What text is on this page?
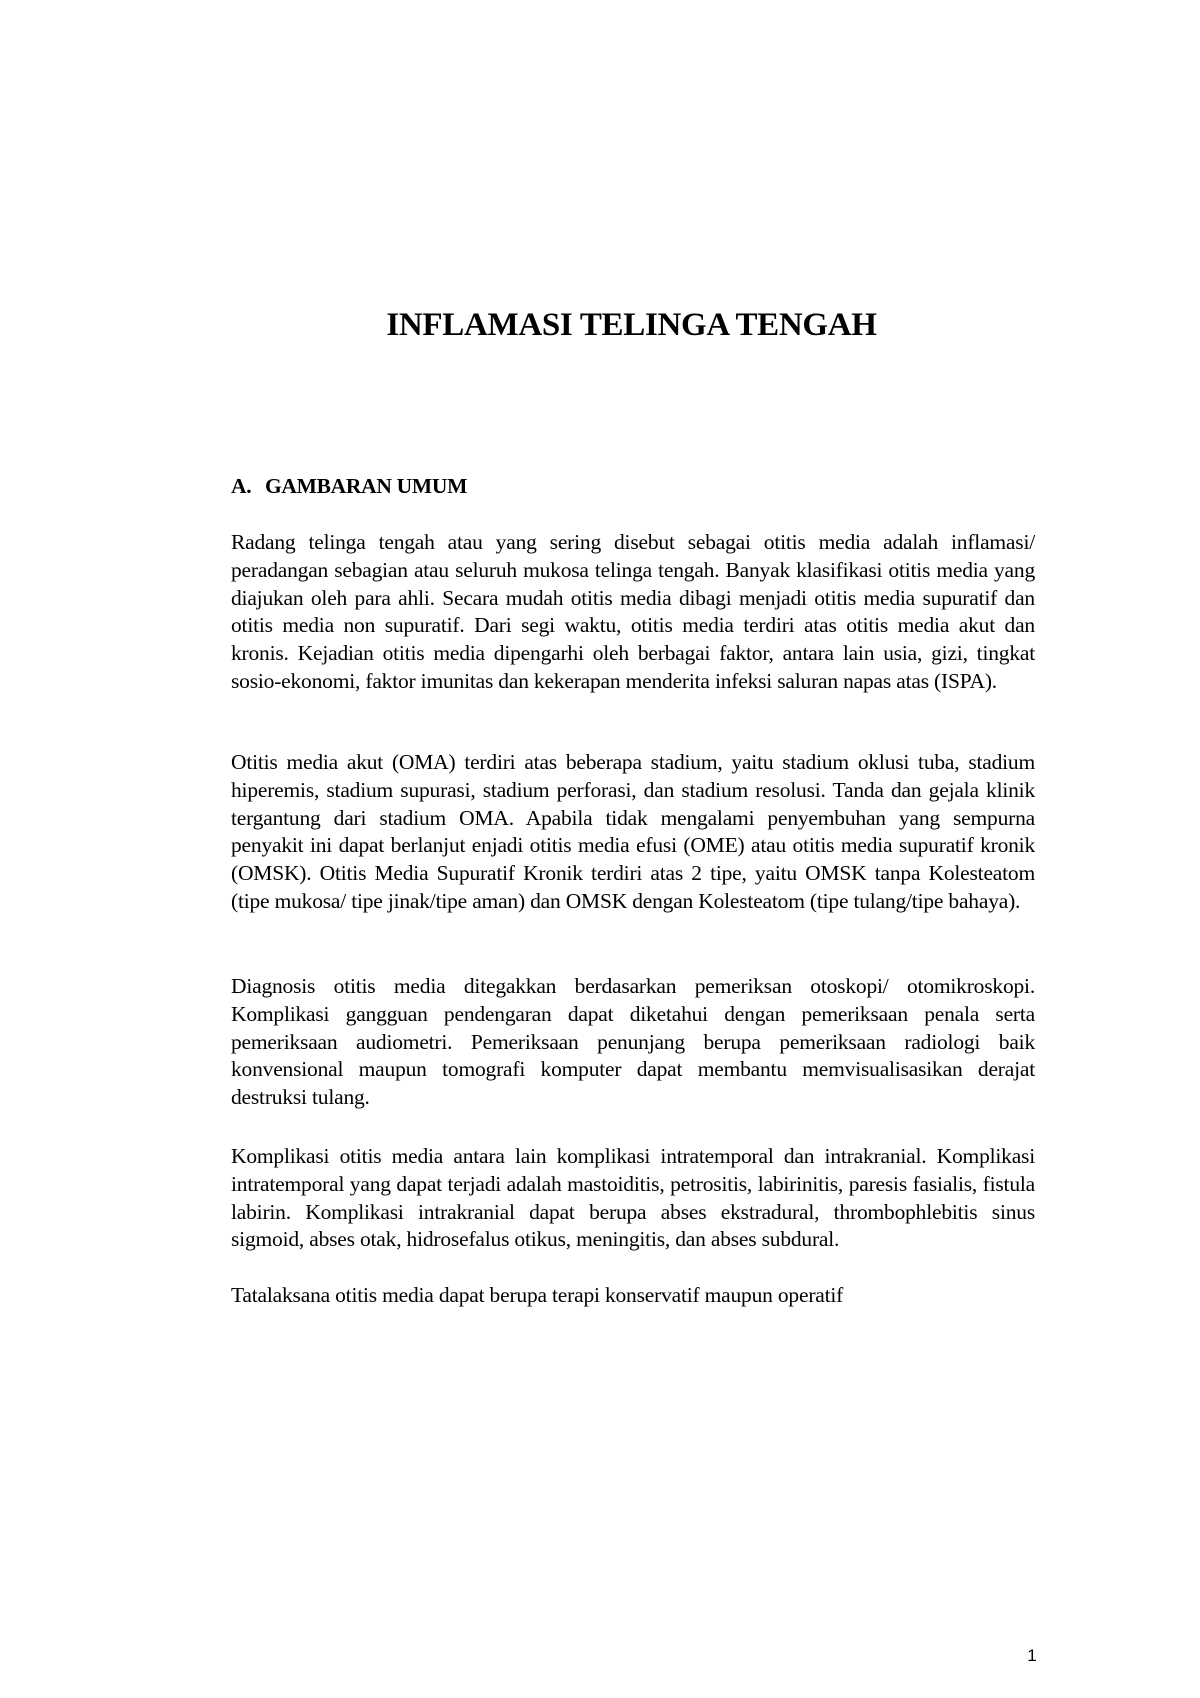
INFLAMASI TELINGA TENGAH
A. GAMBARAN UMUM

Radang telinga tengah atau yang sering disebut sebagai otitis media adalah inflamasi/ peradangan sebagian atau seluruh mukosa telinga tengah. Banyak klasifikasi otitis media yang diajukan oleh para ahli. Secara mudah otitis media dibagi menjadi otitis media supuratif dan otitis media non supuratif. Dari segi waktu, otitis media terdiri atas otitis media akut dan kronis. Kejadian otitis media dipengarhi oleh berbagai faktor, antara lain usia, gizi, tingkat sosio-ekonomi, faktor imunitas dan kekerapan menderita infeksi saluran napas atas (ISPA).

Otitis media akut (OMA) terdiri atas beberapa stadium, yaitu stadium oklusi tuba, stadium hiperemis, stadium supurasi, stadium perforasi, dan stadium resolusi. Tanda dan gejala klinik tergantung dari stadium OMA. Apabila tidak mengalami penyembuhan yang sempurna penyakit ini dapat berlanjut enjadi otitis media efusi (OME) atau otitis media supuratif kronik (OMSK). Otitis Media Supuratif Kronik terdiri atas 2 tipe, yaitu OMSK tanpa Kolesteatom (tipe mukosa/ tipe jinak/tipe aman) dan OMSK dengan Kolesteatom (tipe tulang/tipe bahaya).

Diagnosis otitis media ditegakkan berdasarkan pemeriksan otoskopi/ otomikroskopi. Komplikasi gangguan pendengaran dapat diketahui dengan pemeriksaan penala serta pemeriksaan audiometri. Pemeriksaan penunjang berupa pemeriksaan radiologi baik konvensional maupun tomografi komputer dapat membantu memvisualisasikan derajat destruksi tulang.

Komplikasi otitis media antara lain komplikasi intratemporal dan intrakranial. Komplikasi intratemporal yang dapat terjadi adalah mastoiditis, petrositis, labirinitis, paresis fasialis, fistula labirin. Komplikasi intrakranial dapat berupa abses ekstradural, thrombophlebitis sinus sigmoid, abses otak, hidrosefalus otikus, meningitis, dan abses subdural.

Tatalaksana otitis media dapat berupa terapi konservatif maupun operatif

1
